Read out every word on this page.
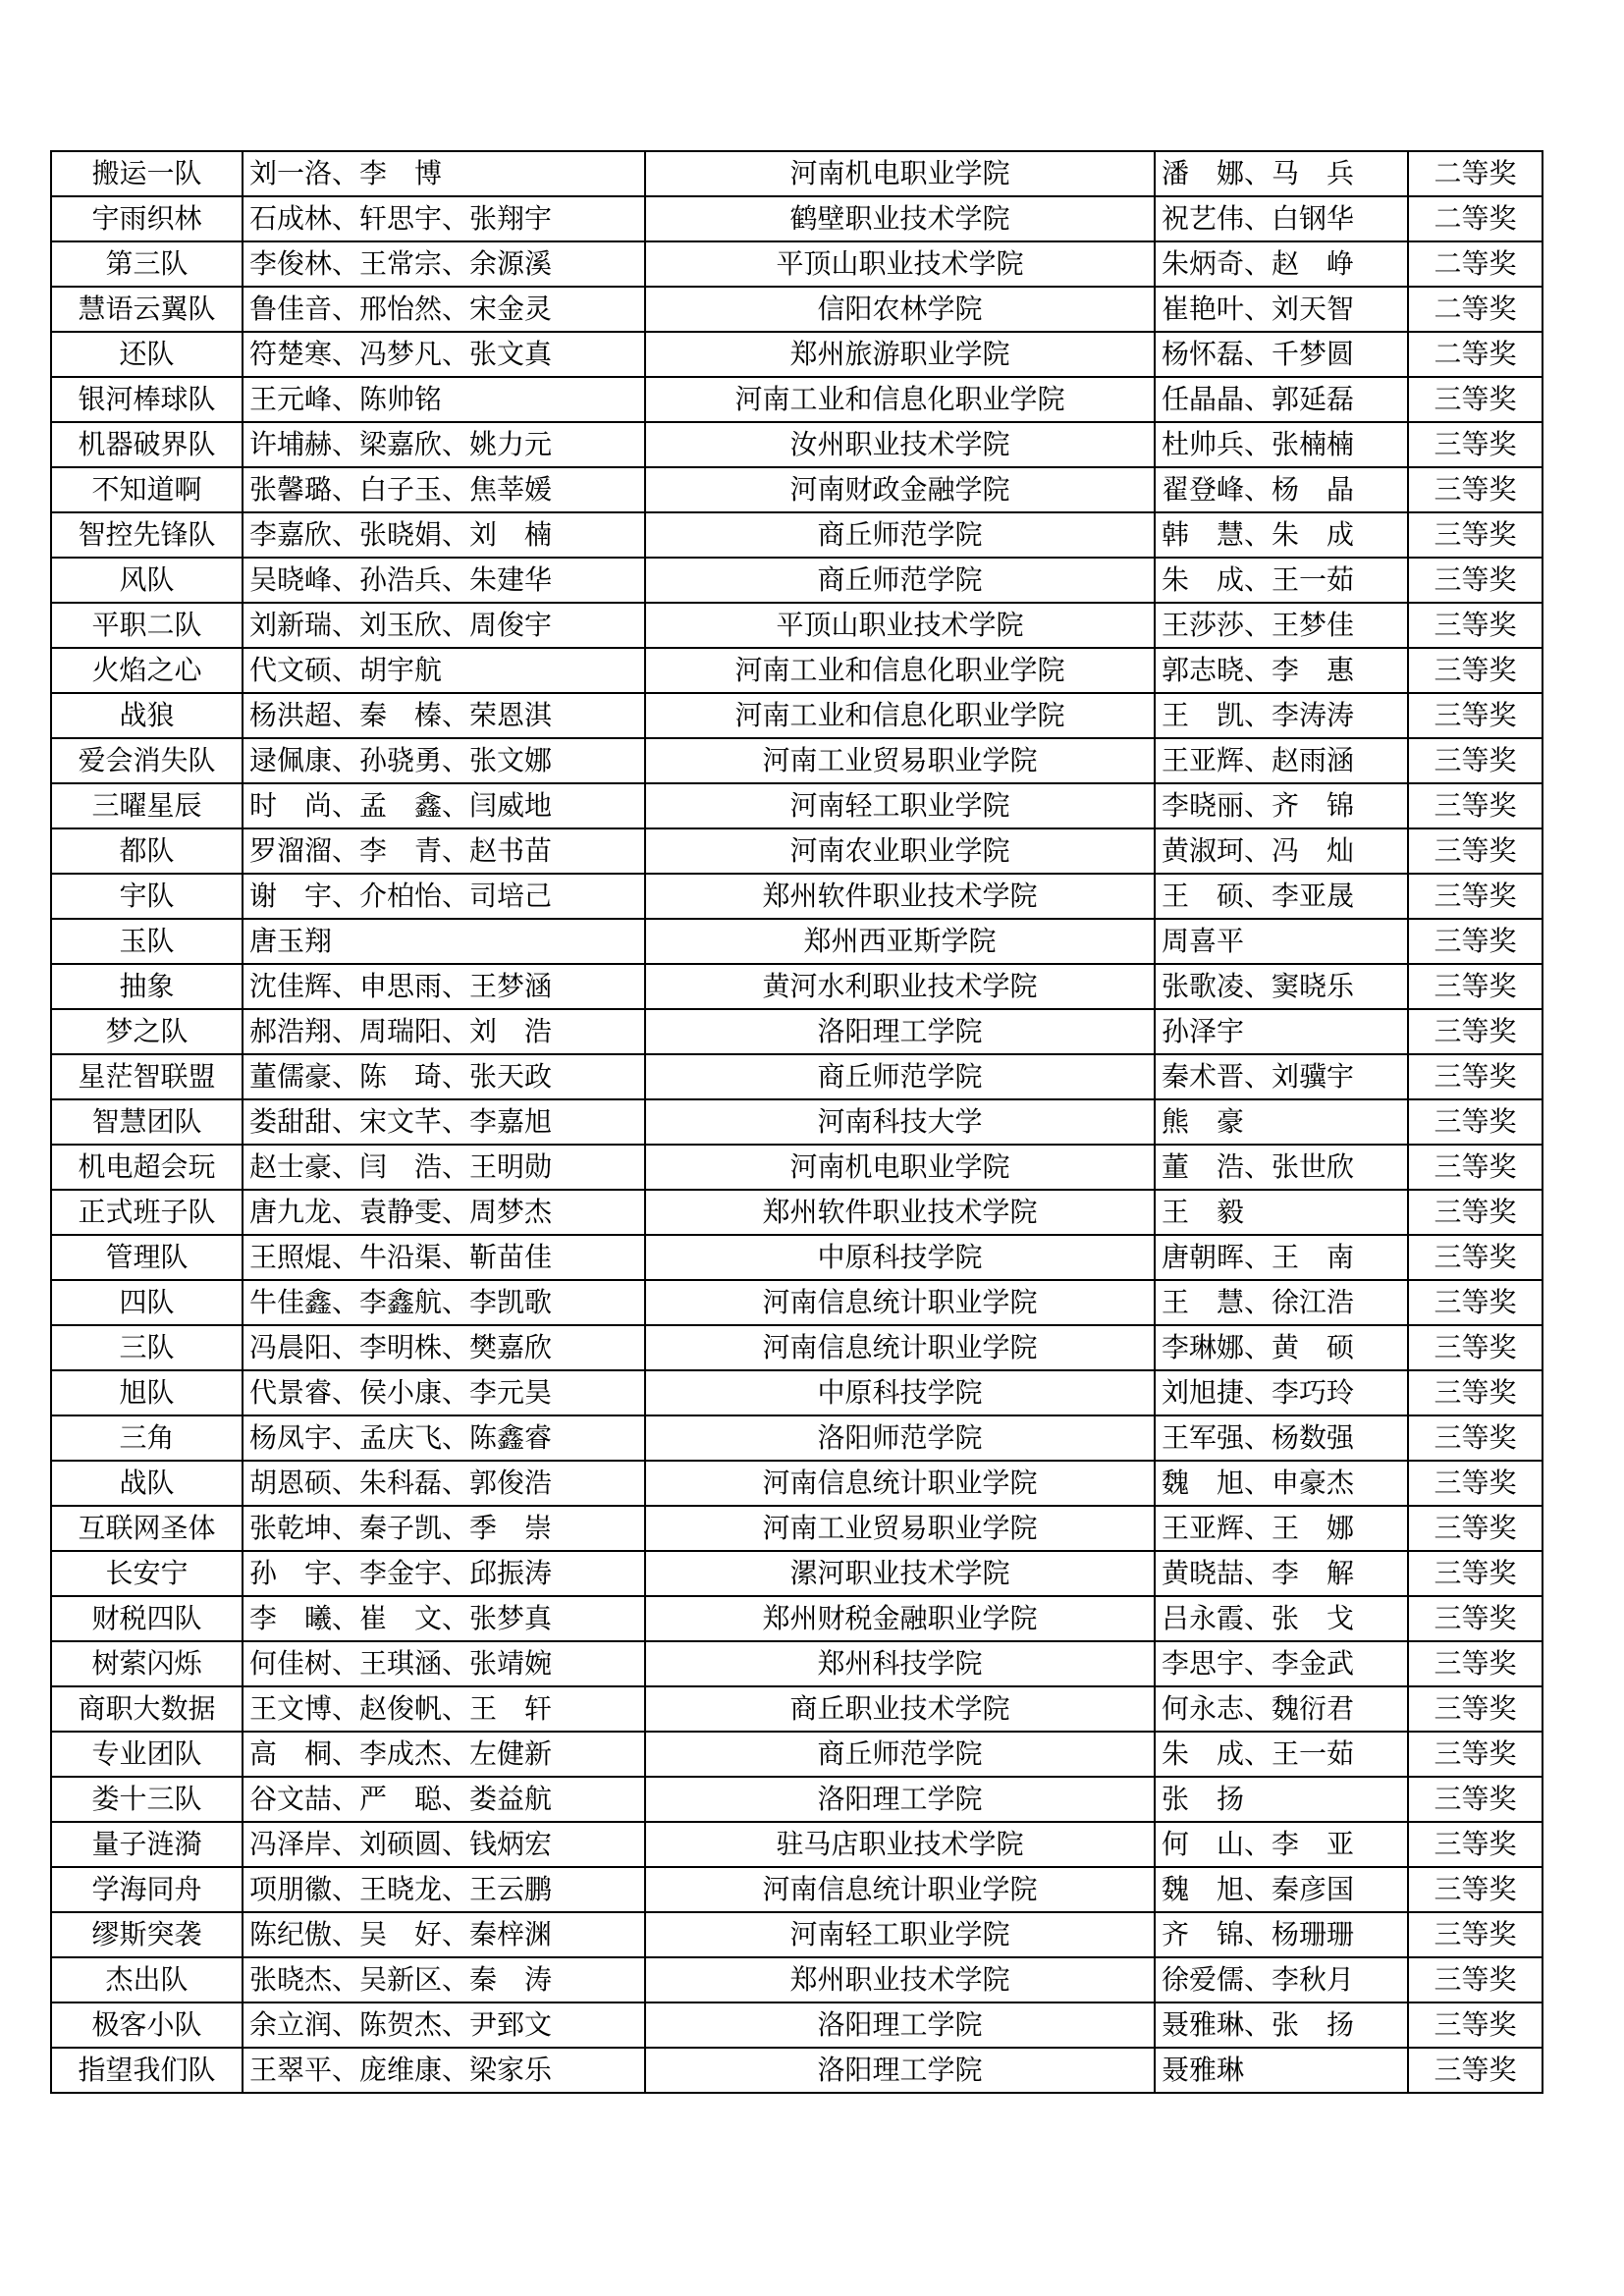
搬运一队	刘一洛、李　博	河南机电职业学院	潘　娜、马　兵	二等奖
宇雨织林	石成林、轩思宇、张翔宇	鹤壁职业技术学院	祝艺伟、白钢华	二等奖
第三队	李俊林、王常宗、余源溪	平顶山职业技术学院	朱炳奇、赵　峥	二等奖
慧语云翼队	鲁佳音、邢怡然、宋金灵	信阳农林学院	崔艳叶、刘天智	二等奖
还队	符楚寒、冯梦凡、张文真	郑州旅游职业学院	杨怀磊、千梦圆	二等奖
银河棒球队	王元峰、陈帅铭	河南工业和信息化职业学院	任晶晶、郭延磊	三等奖
机器破界队	许埔赫、梁嘉欣、姚力元	汝州职业技术学院	杜帅兵、张楠楠	三等奖
不知道啊	张馨璐、白子玉、焦莘媛	河南财政金融学院	翟登峰、杨　晶	三等奖
智控先锋队	李嘉欣、张晓娟、刘　楠	商丘师范学院	韩　慧、朱　成	三等奖
风队	吴晓峰、孙浩兵、朱建华	商丘师范学院	朱　成、王一茹	三等奖
平职二队	刘新瑞、刘玉欣、周俊宇	平顶山职业技术学院	王莎莎、王梦佳	三等奖
火焰之心	代文硕、胡宇航	河南工业和信息化职业学院	郭志晓、李　惠	三等奖
战狼	杨洪超、秦　榛、荣恩淇	河南工业和信息化职业学院	王　凯、李涛涛	三等奖
爱会消失队	逯佩康、孙骁勇、张文娜	河南工业贸易职业学院	王亚辉、赵雨涵	三等奖
三曜星辰	时　尚、孟　鑫、闫威地	河南轻工职业学院	李晓丽、齐　锦	三等奖
都队	罗溜溜、李　青、赵书苗	河南农业职业学院	黄淑珂、冯　灿	三等奖
宇队	谢　宇、介柏怡、司培己	郑州软件职业技术学院	王　硕、李亚晟	三等奖
玉队	唐玉翔	郑州西亚斯学院	周喜平	三等奖
抽象	沈佳辉、申思雨、王梦涵	黄河水利职业技术学院	张歌凌、窦晓乐	三等奖
梦之队	郝浩翔、周瑞阳、刘　浩	洛阳理工学院	孙泽宇	三等奖
星茫智联盟	董儒豪、陈　琦、张天政	商丘师范学院	秦术晋、刘骥宇	三等奖
智慧团队	娄甜甜、宋文芊、李嘉旭	河南科技大学	熊　豪	三等奖
机电超会玩	赵士豪、闫　浩、王明勋	河南机电职业学院	董　浩、张世欣	三等奖
正式班子队	唐九龙、袁静雯、周梦杰	郑州软件职业技术学院	王　毅	三等奖
管理队	王照焜、牛沿渠、靳苗佳	中原科技学院	唐朝晖、王　南	三等奖
四队	牛佳鑫、李鑫航、李凯歌	河南信息统计职业学院	王　慧、徐江浩	三等奖
三队	冯晨阳、李明株、樊嘉欣	河南信息统计职业学院	李琳娜、黄　硕	三等奖
旭队	代景睿、侯小康、李元昊	中原科技学院	刘旭捷、李巧玲	三等奖
三角	杨凤宇、孟庆飞、陈鑫睿	洛阳师范学院	王军强、杨数强	三等奖
战队	胡恩硕、朱科磊、郭俊浩	河南信息统计职业学院	魏　旭、申豪杰	三等奖
互联网圣体	张乾坤、秦子凯、季　崇	河南工业贸易职业学院	王亚辉、王　娜	三等奖
长安宁	孙　宇、李金宇、邱振涛	漯河职业技术学院	黄晓喆、李　解	三等奖
财税四队	李　曦、崔　文、张梦真	郑州财税金融职业学院	吕永霞、张　戈	三等奖
树萦闪烁	何佳树、王琪涵、张靖婉	郑州科技学院	李思宇、李金武	三等奖
商职大数据	王文博、赵俊帆、王　轩	商丘职业技术学院	何永志、魏衍君	三等奖
专业团队	高　桐、李成杰、左健新	商丘师范学院	朱　成、王一茹	三等奖
娄十三队	谷文喆、严　聪、娄益航	洛阳理工学院	张　扬	三等奖
量子涟漪	冯泽岸、刘硕圆、钱炳宏	驻马店职业技术学院	何　山、李　亚	三等奖
学海同舟	项朋徽、王晓龙、王云鹏	河南信息统计职业学院	魏　旭、秦彦国	三等奖
缪斯突袭	陈纪傲、吴　好、秦梓渊	河南轻工职业学院	齐　锦、杨珊珊	三等奖
杰出队	张晓杰、吴新区、秦　涛	郑州职业技术学院	徐爱儒、李秋月	三等奖
极客小队	余立润、陈贺杰、尹郅文	洛阳理工学院	聂雅琳、张　扬	三等奖
指望我们队	王翠平、庞维康、梁家乐	洛阳理工学院	聂雅琳	三等奖
